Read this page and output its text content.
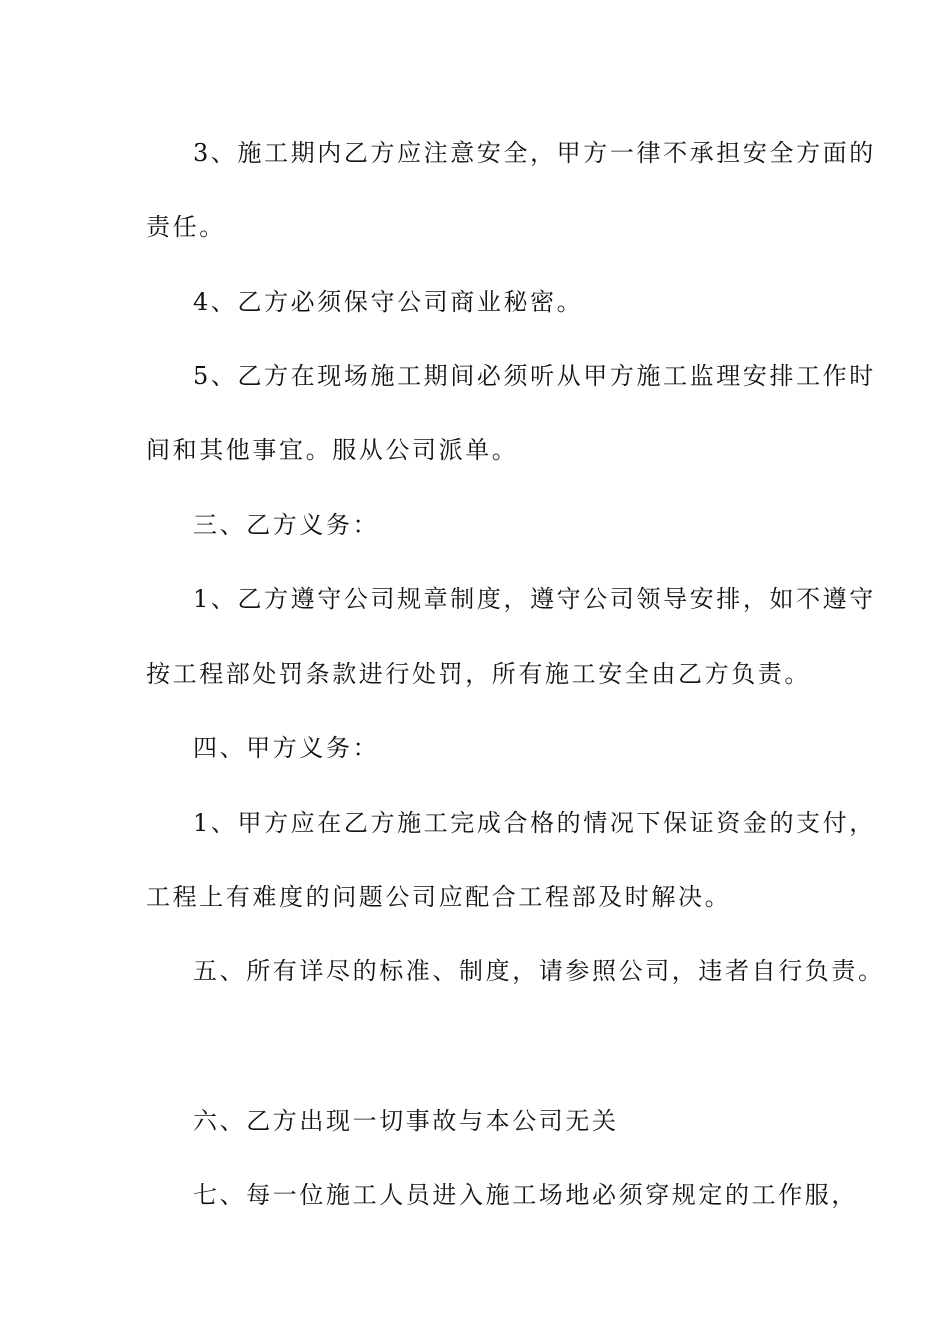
3、施工期内乙方应注意安全，甲方一律不承担安全方面的
责任。
4、乙方必须保守公司商业秘密。
5、乙方在现场施工期间必须听从甲方施工监理安排工作时
间和其他事宜。服从公司派单。
三、乙方义务：
1、乙方遵守公司规章制度，遵守公司领导安排，如不遵守
按工程部处罚条款进行处罚，所有施工安全由乙方负责。
四、甲方义务：
1、甲方应在乙方施工完成合格的情况下保证资金的支付，
工程上有难度的问题公司应配合工程部及时解决。
五、所有详尽的标准、制度，请参照公司，违者自行负责。
六、乙方出现一切事故与本公司无关
七、每一位施工人员进入施工场地必须穿规定的工作服，
